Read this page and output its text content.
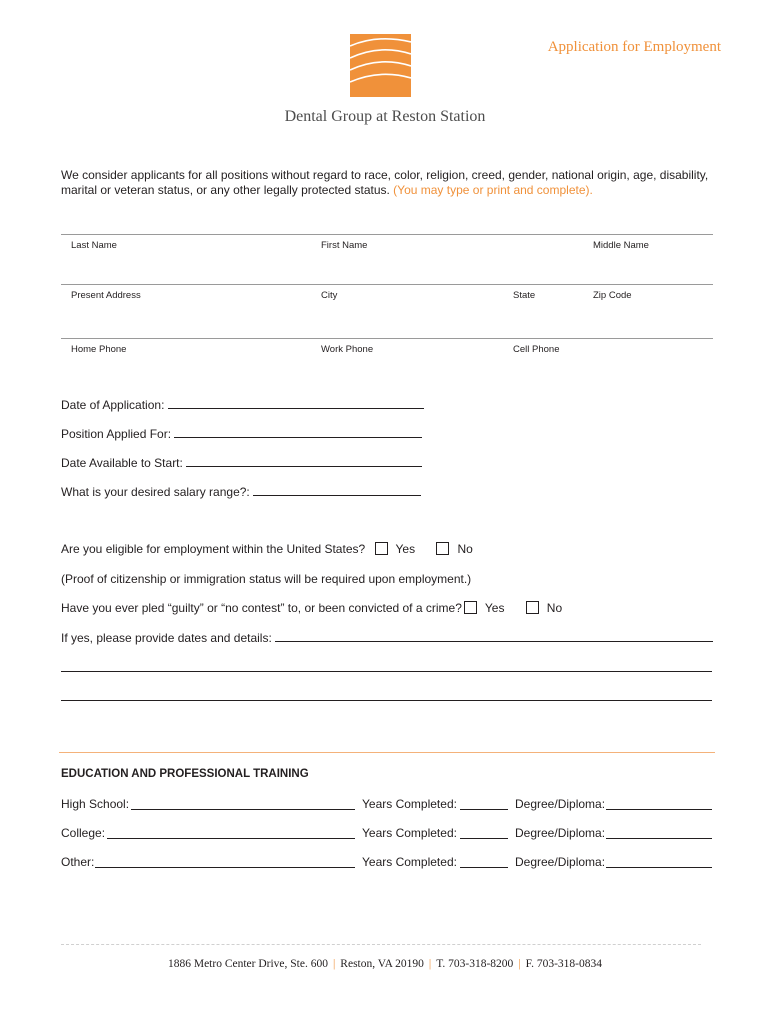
Dental Group at Reston Station
Application for Employment
We consider applicants for all positions without regard to race, color, religion, creed, gender, national origin, age, disability, marital or veteran status, or any other legally protected status. (You may type or print and complete).
Last Name	First Name	Middle Name
Present Address	City	State	Zip Code
Home Phone	Work Phone	Cell Phone
Date of Application:
Position Applied For:
Date Available to Start:
What is your desired salary range?:
Are you eligible for employment within the United States?	Yes	No
(Proof of citizenship or immigration status will be required upon employment.)
Have you ever pled “guilty” or “no contest” to, or been convicted of a crime? Yes	No
If yes, please provide dates and details:
EDUCATION AND PROFESSIONAL TRAINING
High School:	Years Completed:	Degree/Diploma:
College:	Years Completed:	Degree/Diploma:
Other:	Years Completed:	Degree/Diploma:
1886 Metro Center Drive, Ste. 600 | Reston, VA 20190 | T. 703-318-8200 | F. 703-318-0834
